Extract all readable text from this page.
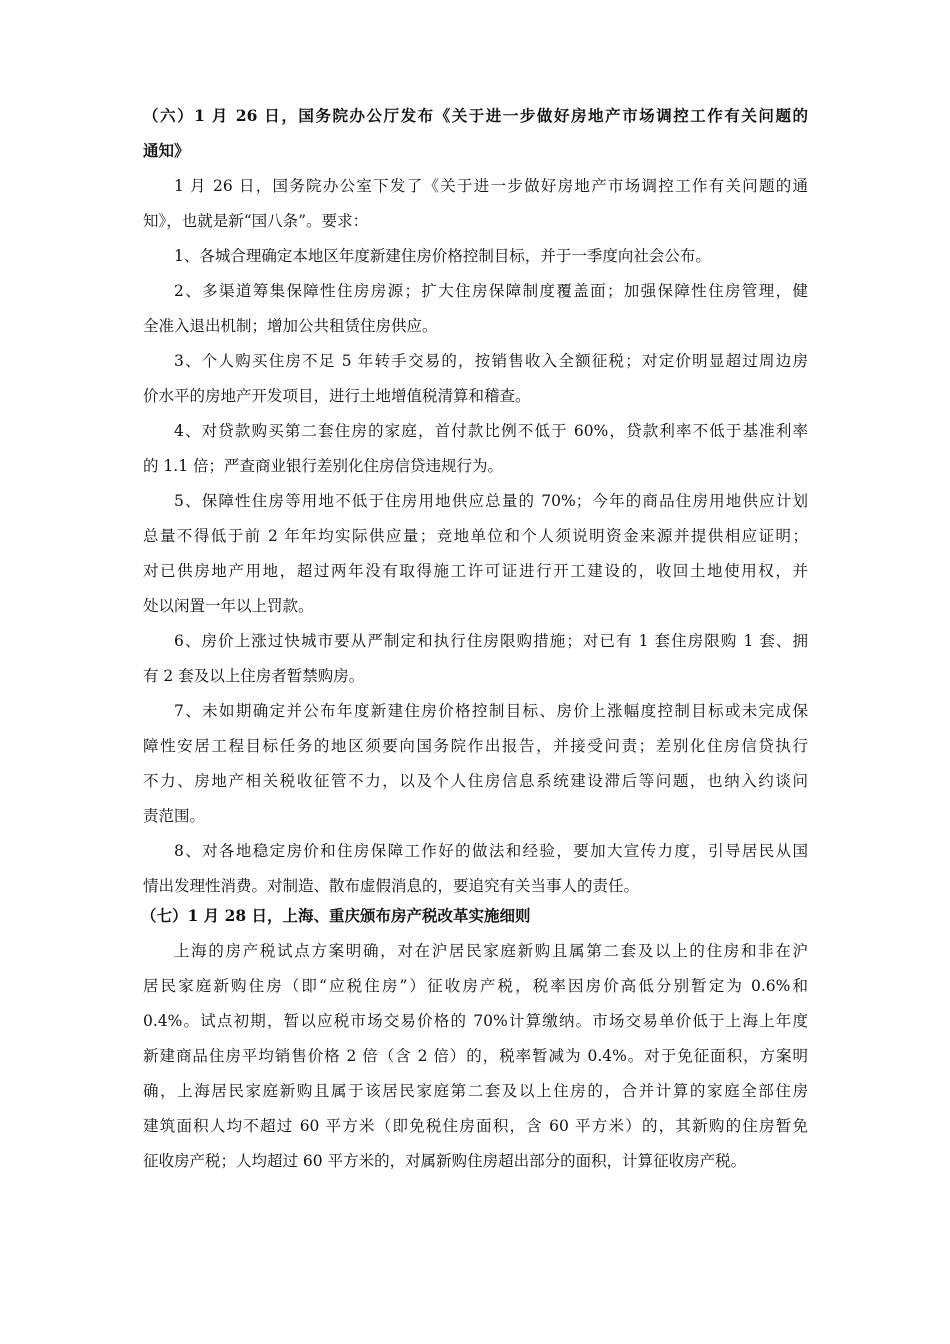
（六）1 月 26 日，国务院办公厅发布《关于进一步做好房地产市场调控工作有关问题的
通知》
1 月 26 日，国务院办公室下发了《关于进一步做好房地产市场调控工作有关问题的通
知》，也就是新“国八条”。要求：
1、各城合理确定本地区年度新建住房价格控制目标，并于一季度向社会公布。
2、多渠道筹集保障性住房房源；扩大住房保障制度覆盖面；加强保障性住房管理，健
全准入退出机制；增加公共租赁住房供应。
3、个人购买住房不足 5 年转手交易的，按销售收入全额征税；对定价明显超过周边房
价水平的房地产开发项目，进行土地增值税清算和稽查。
4、对贷款购买第二套住房的家庭，首付款比例不低于 60%，贷款利率不低于基准利率
的 1.1 倍；严查商业银行差别化住房信贷违规行为。
5、保障性住房等用地不低于住房用地供应总量的 70%；今年的商品住房用地供应计划
总量不得低于前 2 年年均实际供应量；竞地单位和个人须说明资金来源并提供相应证明；
对已供房地产用地，超过两年没有取得施工许可证进行开工建设的，收回土地使用权，并
处以闲置一年以上罚款。
6、房价上涨过快城市要从严制定和执行住房限购措施；对已有 1 套住房限购 1 套、拥
有 2 套及以上住房者暂禁购房。
7、未如期确定并公布年度新建住房价格控制目标、房价上涨幅度控制目标或未完成保
障性安居工程目标任务的地区须要向国务院作出报告，并接受问责；差别化住房信贷执行
不力、房地产相关税收征管不力，以及个人住房信息系统建设滞后等问题，也纳入约谈问
责范围。
8、对各地稳定房价和住房保障工作好的做法和经验，要加大宣传力度，引导居民从国
情出发理性消费。对制造、散布虚假消息的，要追究有关当事人的责任。
（七）1 月 28 日，上海、重庆颁布房产税改革实施细则
上海的房产税试点方案明确，对在沪居民家庭新购且属第二套及以上的住房和非在沪
居民家庭新购住房（即“应税住房”）征收房产税，税率因房价高低分别暂定为 0.6%和
0.4%。试点初期，暂以应税市场交易价格的 70%计算缴纳。市场交易单价低于上海上年度
新建商品住房平均销售价格 2 倍（含 2 倍）的，税率暂减为 0.4%。对于免征面积，方案明
确，上海居民家庭新购且属于该居民家庭第二套及以上住房的，合并计算的家庭全部住房
建筑面积人均不超过 60 平方米（即免税住房面积，含 60 平方米）的，其新购的住房暂免
征收房产税；人均超过 60 平方米的，对属新购住房超出部分的面积，计算征收房产税。
